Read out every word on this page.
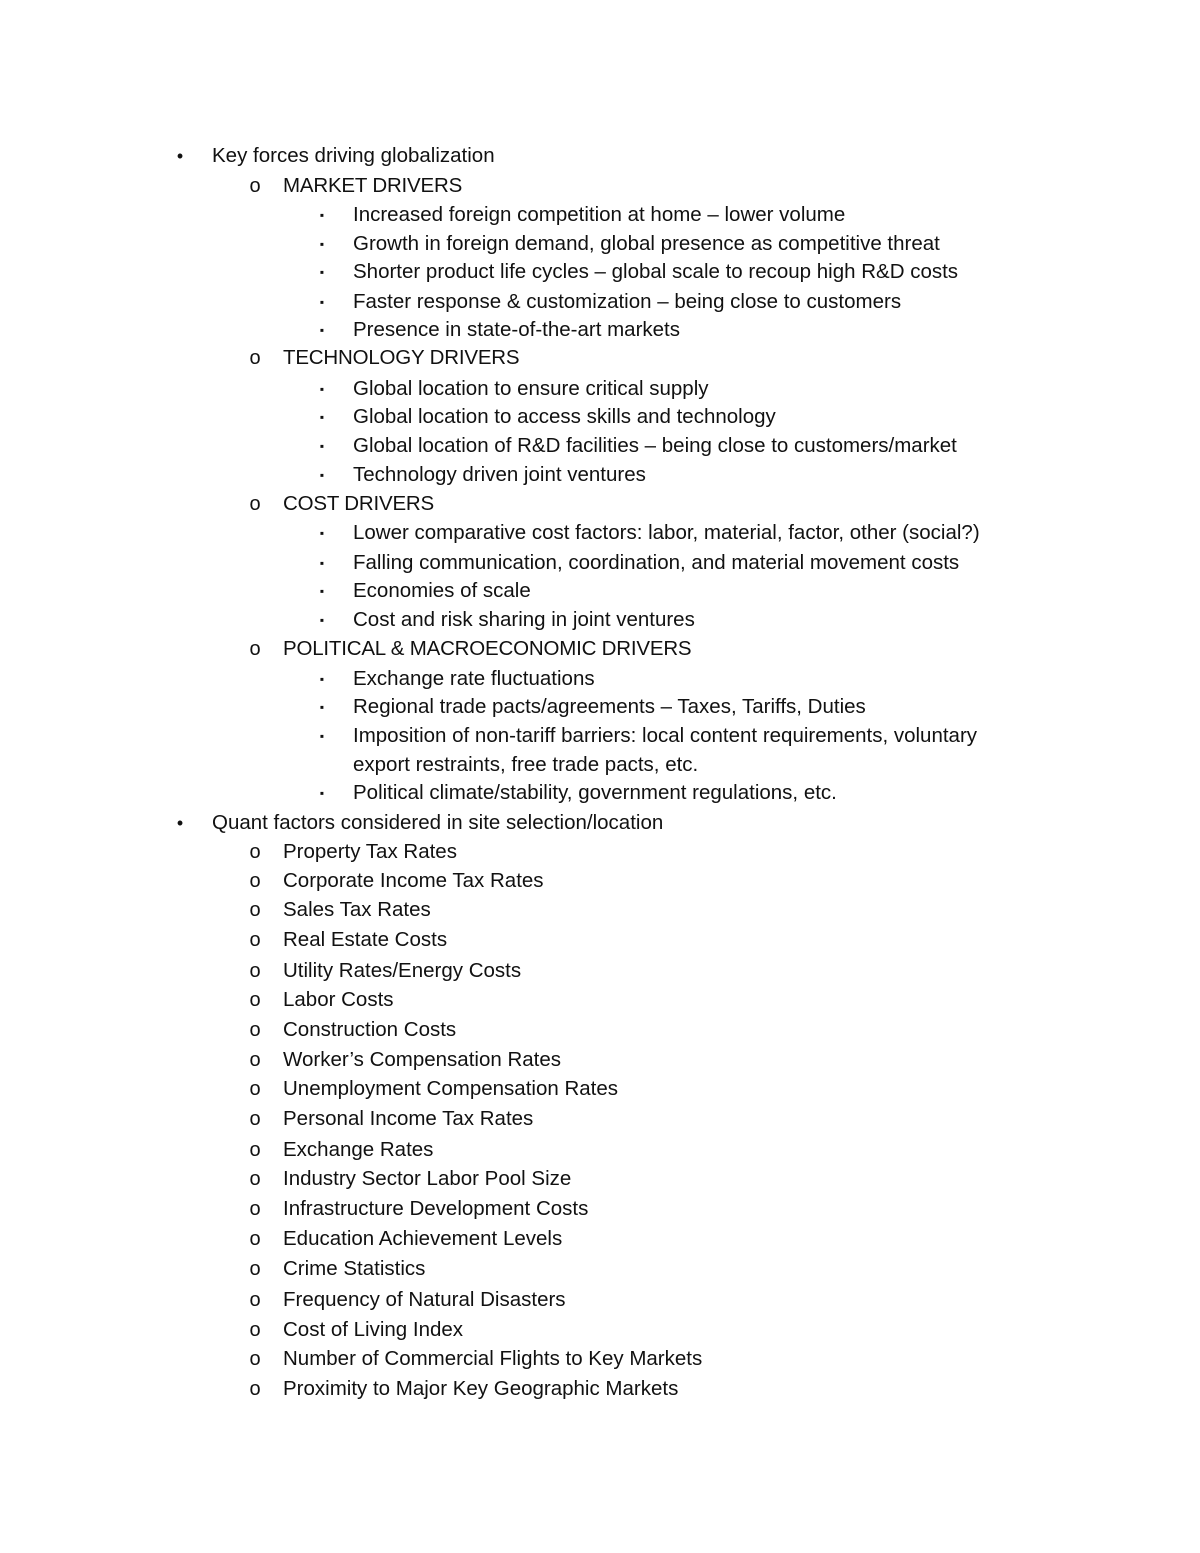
•	Key forces driving globalization
o MARKET DRIVERS
▪ Increased foreign competition at home – lower volume
▪ Growth in foreign demand, global presence as competitive threat
▪ Shorter product life cycles – global scale to recoup high R&D costs
▪ Faster response & customization – being close to customers
▪ Presence in state-of-the-art markets
o TECHNOLOGY DRIVERS
▪ Global location to ensure critical supply
▪ Global location to access skills and technology
▪ Global location of R&D facilities – being close to customers/market
▪ Technology driven joint ventures
o COST DRIVERS
▪ Lower comparative cost factors: labor, material, factor, other (social?)
▪ Falling communication, coordination, and material movement costs
▪ Economies of scale
▪ Cost and risk sharing in joint ventures
o POLITICAL & MACROECONOMIC DRIVERS
▪ Exchange rate fluctuations
▪ Regional trade pacts/agreements – Taxes, Tariffs, Duties
▪ Imposition of non-tariff barriers: local content requirements, voluntary
export restraints, free trade pacts, etc.
▪ Political climate/stability, government regulations, etc.
•	Quant factors considered in site selection/location
o Property Tax Rates
o Corporate Income Tax Rates
o Sales Tax Rates
o Real Estate Costs
o Utility Rates/Energy Costs
o Labor Costs
o Construction Costs
o Worker’s Compensation Rates
o Unemployment Compensation Rates
o Personal Income Tax Rates
o Exchange Rates
o Industry Sector Labor Pool Size
o Infrastructure Development Costs
o Education Achievement Levels
o Crime Statistics
o Frequency of Natural Disasters
o Cost of Living Index
o Number of Commercial Flights to Key Markets
o Proximity to Major Key Geographic Markets
